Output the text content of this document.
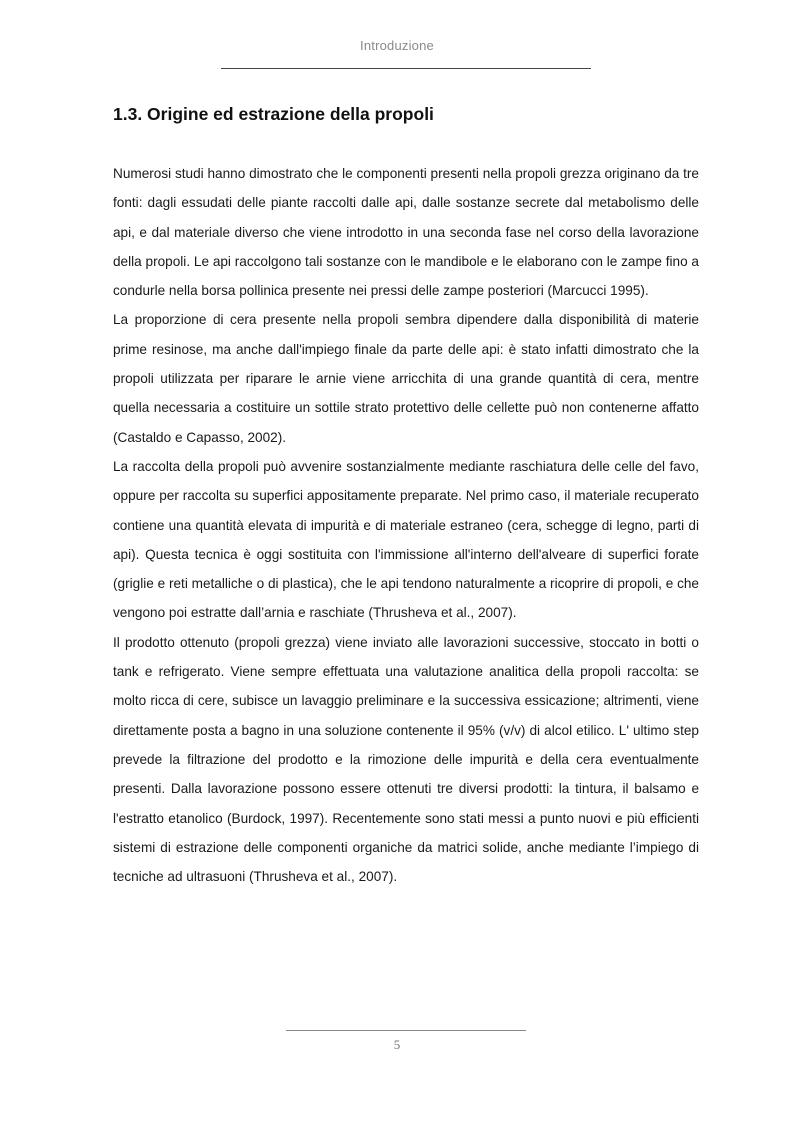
Introduzione
1.3. Origine ed estrazione della propoli

Numerosi studi hanno dimostrato che le componenti presenti nella propoli grezza originano da tre fonti: dagli essudati delle piante raccolti dalle api, dalle sostanze secrete dal metabolismo delle api, e dal materiale diverso che viene introdotto in una seconda fase nel corso della lavorazione della propoli. Le api raccolgono tali sostanze con le mandibole e le elaborano con le zampe fino a condurle nella borsa pollinica presente nei pressi delle zampe posteriori (Marcucci 1995).

La proporzione di cera presente nella propoli sembra dipendere dalla disponibilità di materie prime resinose, ma anche dall'impiego finale da parte delle api: è stato infatti dimostrato che la propoli utilizzata per riparare le arnie viene arricchita di una grande quantità di cera, mentre quella necessaria a costituire un sottile strato protettivo delle cellette può non contenerne affatto (Castaldo e Capasso, 2002).

La raccolta della propoli può avvenire sostanzialmente mediante raschiatura delle celle del favo, oppure per raccolta su superfici appositamente preparate. Nel primo caso, il materiale recuperato contiene una quantità elevata di impurità e di materiale estraneo (cera, schegge di legno, parti di api). Questa tecnica è oggi sostituita con l'immissione all'interno dell'alveare di superfici forate (griglie e reti metalliche o di plastica), che le api tendono naturalmente a ricoprire di propoli, e che vengono poi estratte dall’arnia e raschiate (Thrusheva et al., 2007).

Il prodotto ottenuto (propoli grezza) viene inviato alle lavorazioni successive, stoccato in botti o tank e refrigerato. Viene sempre effettuata una valutazione analitica della propoli raccolta: se molto ricca di cere, subisce un lavaggio preliminare e la successiva essicazione; altrimenti, viene direttamente posta a bagno in una soluzione contenente il 95% (v/v) di alcol etilico. L' ultimo step prevede la filtrazione del prodotto e la rimozione delle impurità e della cera eventualmente presenti. Dalla lavorazione possono essere ottenuti tre diversi prodotti: la tintura, il balsamo e l'estratto etanolico (Burdock, 1997). Recentemente sono stati messi a punto nuovi e più efficienti sistemi di estrazione delle componenti organiche da matrici solide, anche mediante l’impiego di tecniche ad ultrasuoni (Thrusheva et al., 2007).

5
